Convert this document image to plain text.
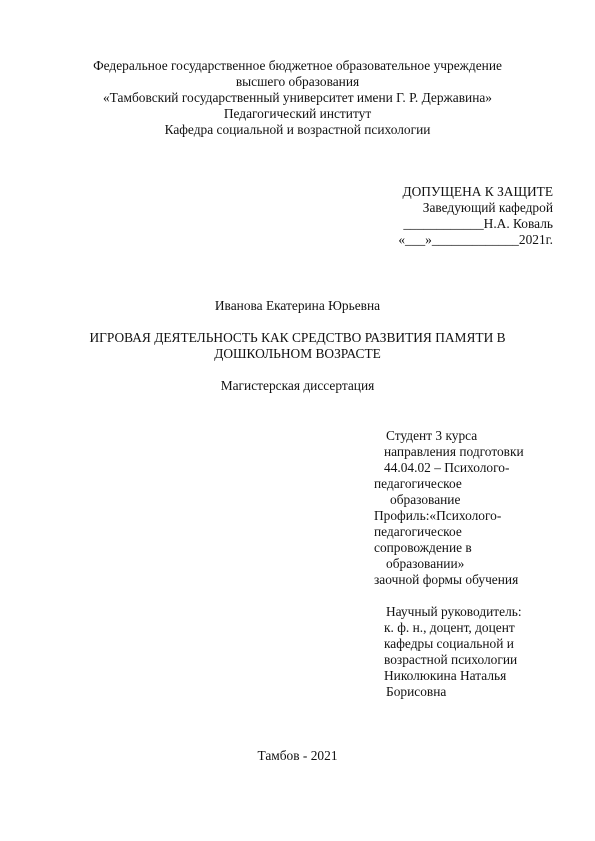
Федеральное государственное бюджетное образовательное учреждение
высшего образования
«Тамбовский государственный университет имени Г. Р. Державина»
Педагогический институт
Кафедра социальной и возрастной психологии
ДОПУЩЕНА К ЗАЩИТЕ
Заведующий кафедрой
____________Н.А. Коваль
«___»_____________2021г.
Иванова Екатерина Юрьевна
ИГРОВАЯ ДЕЯТЕЛЬНОСТЬ КАК СРЕДСТВО РАЗВИТИЯ ПАМЯТИ В
ДОШКОЛЬНОМ ВОЗРАСТЕ
Магистерская диссертация
Студент 3 курса
направления подготовки
44.04.02 – Психолого-
педагогическое
образование
Профиль:«Психолого-
педагогическое
сопровождение в
образовании»
заочной формы обучения
Научный руководитель:
к. ф. н., доцент, доцент
кафедры социальной и
возрастной психологии
Николюкина Наталья
Борисовна
Тамбов - 2021
